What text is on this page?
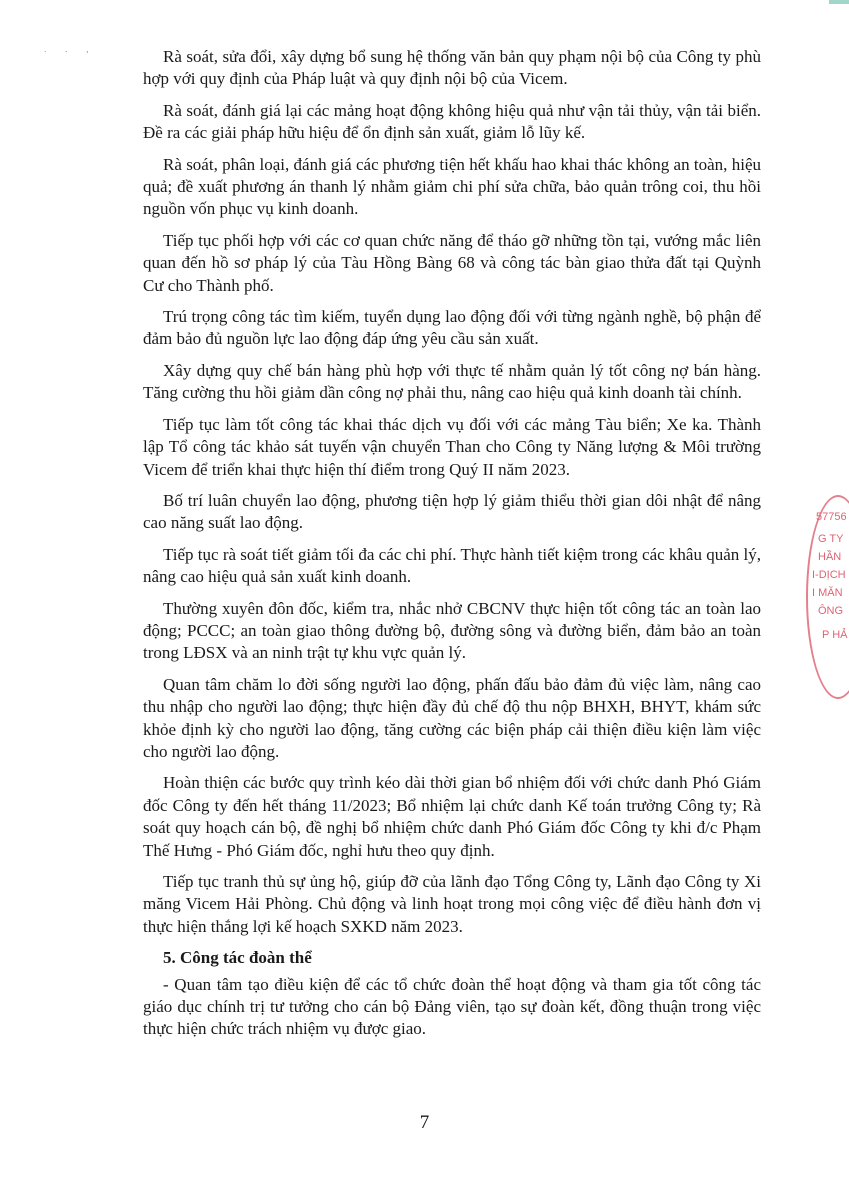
. . ,	Rà soát, sửa đổi, xây dựng bổ sung hệ thống văn bản quy phạm nội bộ của Công ty phù hợp với quy định của Pháp luật và quy định nội bộ của Vicem.

Rà soát, đánh giá lại các mảng hoạt động không hiệu quả như vận tải thủy, vận tải biển. Đề ra các giải pháp hữu hiệu để ổn định sản xuất, giảm lỗ lũy kế.

Rà soát, phân loại, đánh giá các phương tiện hết khấu hao khai thác không an toàn, hiệu quả; đề xuất phương án thanh lý nhằm giảm chi phí sửa chữa, bảo quản trông coi, thu hồi nguồn vốn phục vụ kinh doanh.

Tiếp tục phối hợp với các cơ quan chức năng để tháo gỡ những tồn tại, vướng mắc liên quan đến hồ sơ pháp lý của Tàu Hồng Bàng 68 và công tác bàn giao thửa đất tại Quỳnh Cư cho Thành phố.

Trú trọng công tác tìm kiếm, tuyển dụng lao động đối với từng ngành nghề, bộ phận để đảm bảo đủ nguồn lực lao động đáp ứng yêu cầu sản xuất.

Xây dựng quy chế bán hàng phù hợp với thực tế nhằm quản lý tốt công nợ bán hàng. Tăng cường thu hồi giảm dần công nợ phải thu, nâng cao hiệu quả kinh doanh tài chính.

Tiếp tục làm tốt công tác khai thác dịch vụ đối với các mảng Tàu biển; Xe ka. Thành lập Tổ công tác khảo sát tuyến vận chuyển Than cho Công ty Năng lượng & Môi trường Vicem để triển khai thực hiện thí điểm trong Quý II năm 2023.

Bố trí luân chuyển lao động, phương tiện hợp lý giảm thiểu thời gian dôi nhật để nâng cao năng suất lao động.

Tiếp tục rà soát tiết giảm tối đa các chi phí. Thực hành tiết kiệm trong các khâu quản lý, nâng cao hiệu quả sản xuất kinh doanh.

Thường xuyên đôn đốc, kiểm tra, nhắc nhở CBCNV thực hiện tốt công tác an toàn lao động; PCCC; an toàn giao thông đường bộ, đường sông và đường biển, đảm bảo an toàn trong LĐSX và an ninh trật tự khu vực quản lý.

Quan tâm chăm lo đời sống người lao động, phấn đấu bảo đảm đủ việc làm, nâng cao thu nhập cho người lao động; thực hiện đầy đủ chế độ thu nộp BHXH, BHYT, khám sức khỏe định kỳ cho người lao động, tăng cường các biện pháp cải thiện điều kiện làm việc cho người lao động.

Hoàn thiện các bước quy trình kéo dài thời gian bổ nhiệm đối với chức danh Phó Giám đốc Công ty đến hết tháng 11/2023; Bổ nhiệm lại chức danh Kế toán trưởng Công ty; Rà soát quy hoạch cán bộ, đề nghị bổ nhiệm chức danh Phó Giám đốc Công ty khi đ/c Phạm Thế Hưng - Phó Giám đốc, nghỉ hưu theo quy định.

Tiếp tục tranh thủ sự ủng hộ, giúp đỡ của lãnh đạo Tổng Công ty, Lãnh đạo Công ty Xi măng Vicem Hải Phòng. Chủ động và linh hoạt trong mọi công việc để điều hành đơn vị thực hiện thắng lợi kế hoạch SXKD năm 2023.

5. Công tác đoàn thể

- Quan tâm tạo điều kiện để các tổ chức đoàn thể hoạt động và tham gia tốt công tác giáo dục chính trị tư tưởng cho cán bộ Đảng viên, tạo sự đoàn kết, đồng thuận trong việc thực hiện chức trách nhiệm vụ được giao.

7
57756
G TY
HẦN
I-DỊCH
I MĂN
ÔNG
P HẢ
